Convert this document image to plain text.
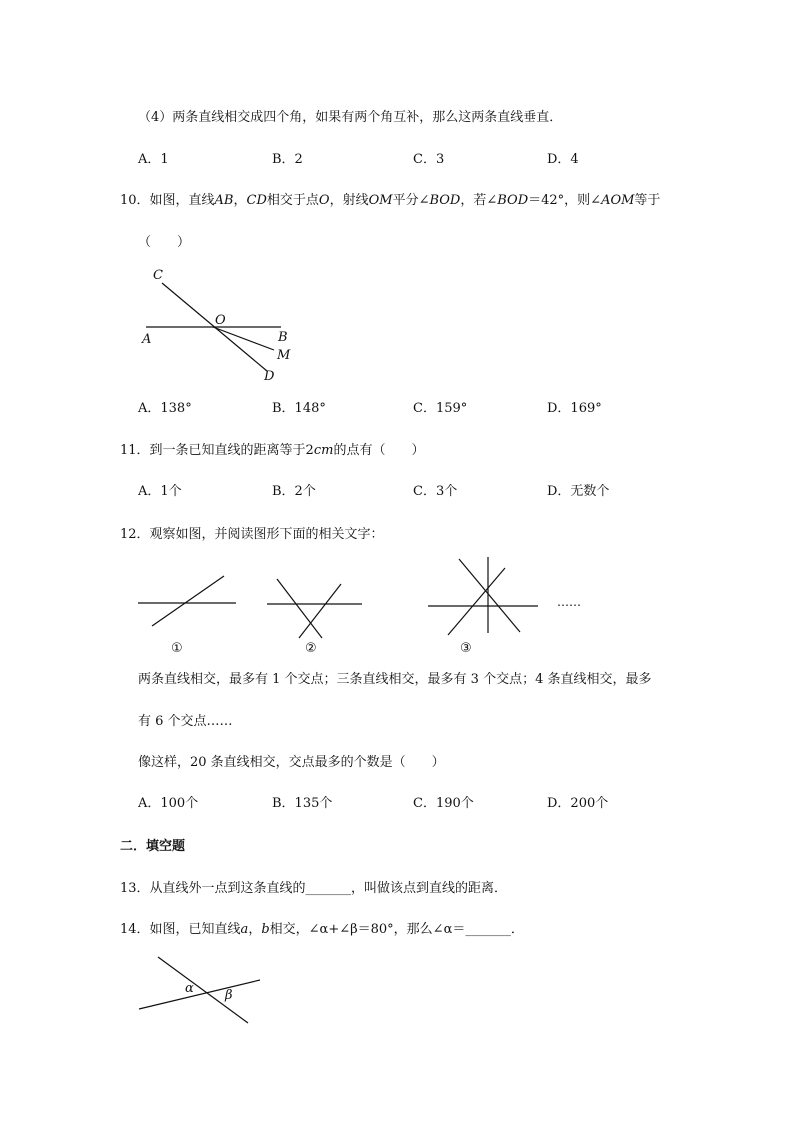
（4）两条直线相交成四个角，如果有两个角互补，那么这两条直线垂直．
A．1	B．2	C．3	D．4
10．如图，直线AB，CD相交于点O，射线OM平分∠BOD，若∠BOD＝42°，则∠AOM等于
（　　）
C
O
A	B
M
D
A．138°	B．148°	C．159°	D．169°
11．到一条已知直线的距离等于2cm的点有（　　）
A．1个	B．2个	C．3个	D．无数个
12．观察如图，并阅读图形下面的相关文字：
①	②	③
……
两条直线相交，最多有 1 个交点；三条直线相交，最多有 3 个交点；4 条直线相交，最多
有 6 个交点……
像这样，20 条直线相交，交点最多的个数是（　　）
A．100个	B．135个	C．190个	D．200个
二．填空题
13．从直线外一点到这条直线的_______，叫做该点到直线的距离．
14．如图，已知直线a，b相交，∠α+∠β＝80°，那么∠α＝_______．
α β
